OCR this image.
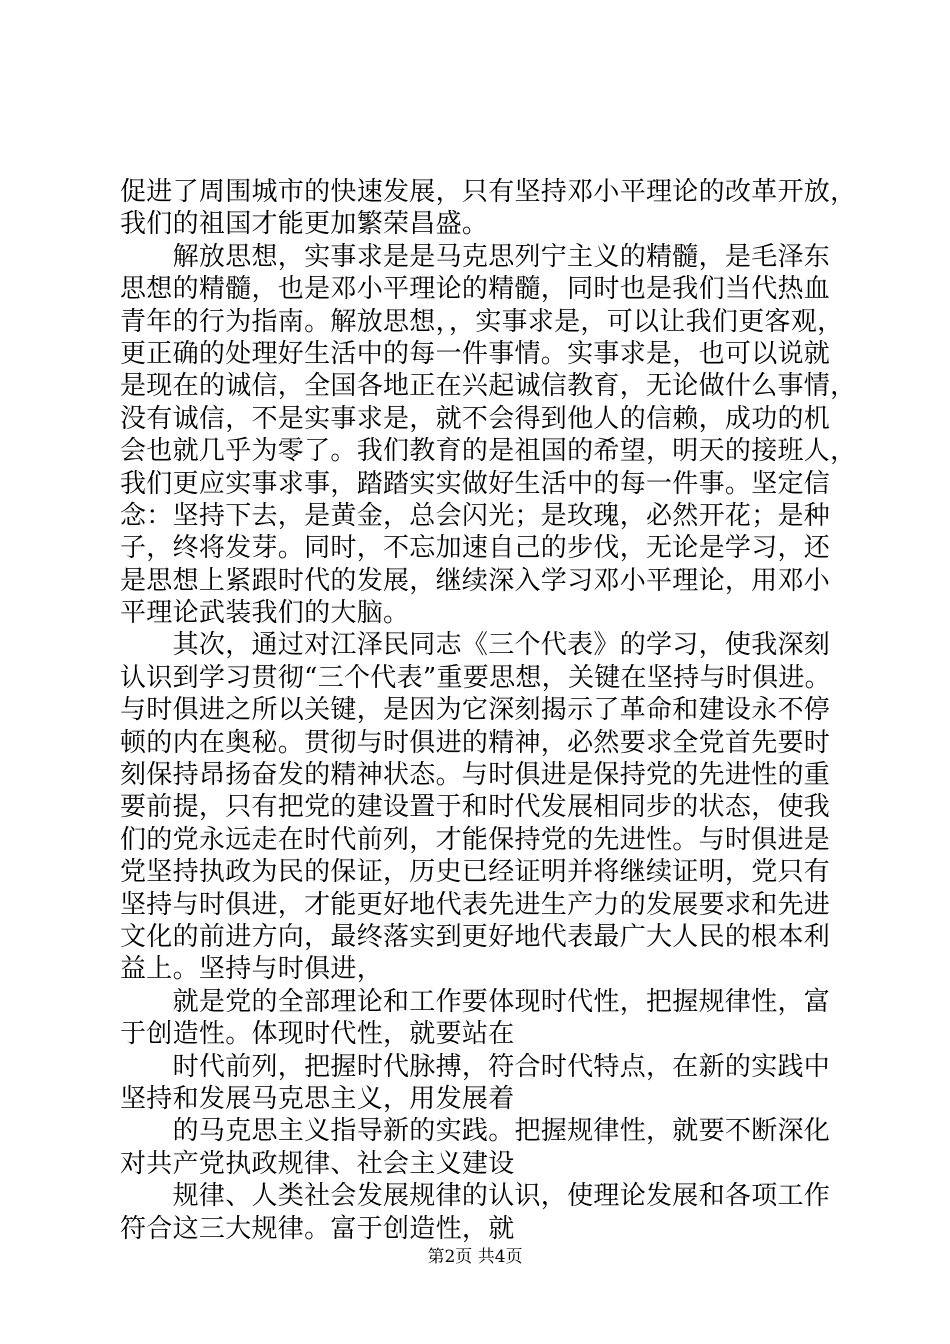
促进了周围城市的快速发展，只有坚持邓小平理论的改革开放，
我们的祖国才能更加繁荣昌盛。
　　解放思想，实事求是是马克思列宁主义的精髓，是毛泽东
思想的精髓，也是邓小平理论的精髓，同时也是我们当代热血
青年的行为指南。解放思想，，实事求是，可以让我们更客观，
更正确的处理好生活中的每一件事情。实事求是，也可以说就
是现在的诚信，全国各地正在兴起诚信教育，无论做什么事情，
没有诚信，不是实事求是，就不会得到他人的信赖，成功的机
会也就几乎为零了。我们教育的是祖国的希望，明天的接班人，
我们更应实事求事，踏踏实实做好生活中的每一件事。坚定信
念：坚持下去，是黄金，总会闪光；是玫瑰，必然开花；是种
子，终将发芽。同时，不忘加速自己的步伐，无论是学习，还
是思想上紧跟时代的发展，继续深入学习邓小平理论，用邓小
平理论武装我们的大脑。
　　其次，通过对江泽民同志《三个代表》的学习，使我深刻
认识到学习贯彻“三个代表”重要思想，关键在坚持与时俱进。
与时俱进之所以关键，是因为它深刻揭示了革命和建设永不停
顿的内在奥秘。贯彻与时俱进的精神，必然要求全党首先要时
刻保持昂扬奋发的精神状态。与时俱进是保持党的先进性的重
要前提，只有把党的建设置于和时代发展相同步的状态，使我
们的党永远走在时代前列，才能保持党的先进性。与时俱进是
党坚持执政为民的保证，历史已经证明并将继续证明，党只有
坚持与时俱进，才能更好地代表先进生产力的发展要求和先进
文化的前进方向，最终落实到更好地代表最广大人民的根本利
益上。坚持与时俱进，
　　就是党的全部理论和工作要体现时代性，把握规律性，富
于创造性。体现时代性，就要站在
　　时代前列，把握时代脉搏，符合时代特点，在新的实践中
坚持和发展马克思主义，用发展着
　　的马克思主义指导新的实践。把握规律性，就要不断深化
对共产党执政规律、社会主义建设
　　规律、人类社会发展规律的认识，使理论发展和各项工作
符合这三大规律。富于创造性，就
第2页 共4页
